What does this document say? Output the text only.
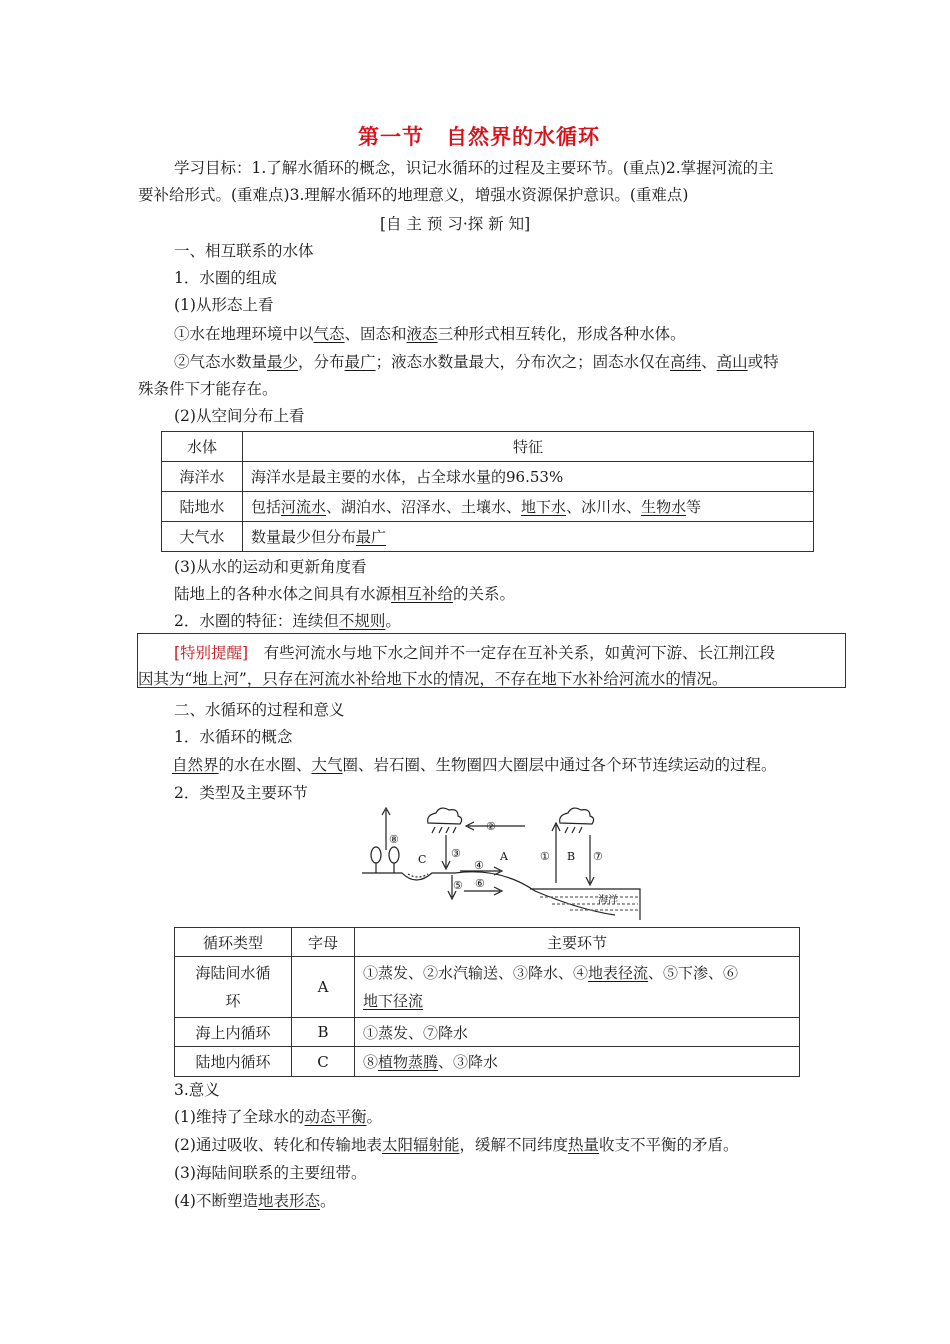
第一节　自然界的水循环
学习目标：1.了解水循环的概念，识记水循环的过程及主要环节。(重点)2.掌握河流的主
要补给形式。(重难点)3.理解水循环的地理意义，增强水资源保护意识。(重难点)
[自 主 预 习·探 新 知]
一、相互联系的水体
1．水圈的组成
(1)从形态上看
①水在地理环境中以气态、固态和液态三种形式相互转化，形成各种水体。
②气态水数量最少，分布最广；液态水数量最大，分布次之；固态水仅在高纬、高山或特
殊条件下才能存在。
(2)从空间分布上看
水体	特征
海洋水	海洋水是最主要的水体，占全球水量的96.53%
陆地水	包括河流水、湖泊水、沼泽水、土壤水、地下水、冰川水、生物水等
大气水	数量最少但分布最广
(3)从水的运动和更新角度看
陆地上的各种水体之间具有水源相互补给的关系。
2．水圈的特征：连续但不规则。
[特别提醒]　有些河流水与地下水之间并不一定存在互补关系，如黄河下游、长江荆江段
因其为“地上河”，只存在河流水补给地下水的情况，不存在地下水补给河流水的情况。
二、水循环的过程和意义
1．水循环的概念
自然界的水在水圈、大气圈、岩石圈、生物圈四大圈层中通过各个环节连续运动的过程。
2．类型及主要环节
⑧
C
②
③
④
A
⑤ ⑥
① B ⑦
海洋
循环类型	字母	主要环节
海陆间水循
环	A	①蒸发、②水汽输送、③降水、④地表径流、⑤下渗、⑥
地下径流
海上内循环	B	①蒸发、⑦降水
陆地内循环	C	⑧植物蒸腾、③降水
3.意义
(1)维持了全球水的动态平衡。
(2)通过吸收、转化和传输地表太阳辐射能，缓解不同纬度热量收支不平衡的矛盾。
(3)海陆间联系的主要纽带。
(4)不断塑造地表形态。
